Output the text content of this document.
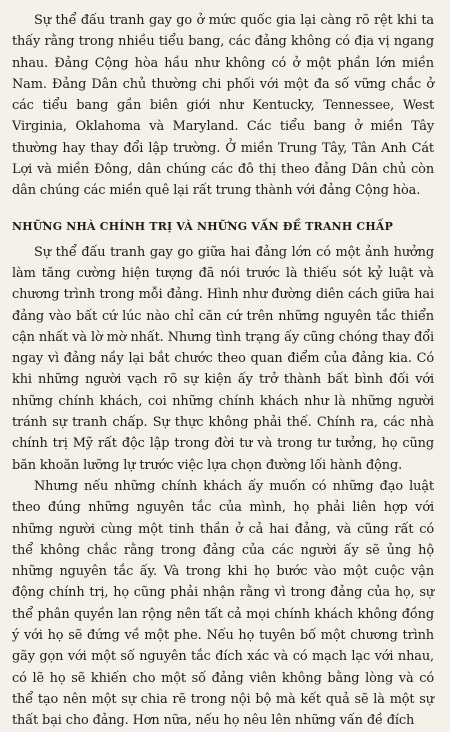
Sự thể đấu tranh gay go ở mức quốc gia lại càng rõ rệt khi ta thấy rằng trong nhiều tiểu bang, các đảng không có địa vị ngang nhau. Đảng Cộng hòa hầu như không có ở một phần lớn miền Nam. Đảng Dân chủ thường chi phối với một đa số vững chắc ở các tiểu bang gần biên giới như Kentucky, Tennessee, West Virginia, Oklahoma và Maryland. Các tiểu bang ở miền Tây thường hay thay đổi lập trường. Ở miền Trung Tây, Tân Anh Cát Lợi và miền Đông, dân chúng các đô thị theo đảng Dân chủ còn dân chúng các miền quê lại rất trung thành với đảng Cộng hòa.

NHỮNG NHÀ CHÍNH TRỊ VÀ NHỮNG VẤN ĐỀ TRANH CHẤP

Sự thể đấu tranh gay go giữa hai đảng lớn có một ảnh hưởng làm tăng cường hiện tượng đã nói trước là thiếu sót kỷ luật và chương trình trong mỗi đảng. Hình như đường diên cách giữa hai đảng vào bất cứ lúc nào chỉ căn cứ trên những nguyên tắc thiển cận nhất và lờ mờ nhất. Nhưng tình trạng ấy cũng chóng thay đổi ngay vì đảng nầy lại bắt chước theo quan điểm của đảng kia. Có khi những người vạch rõ sự kiện ấy trở thành bất bình đối với những chính khách, coi những chính khách như là những người tránh sự tranh chấp. Sự thực không phải thế. Chính ra, các nhà chính trị Mỹ rất độc lập trong đời tư và trong tư tưởng, họ cũng băn khoăn lưỡng lự trước việc lựa chọn đường lối hành động.

Nhưng nếu những chính khách ấy muốn có những đạo luật theo đúng những nguyên tắc của mình, họ phải liên hợp với những người cùng một tinh thần ở cả hai đảng, và cũng rất có thể không chắc rằng trong đảng của các người ấy sẽ ủng hộ những nguyên tắc ấy. Và trong khi họ bước vào một cuộc vận động chính trị, họ cũng phải nhận rằng vì trong đảng của họ, sự thể phân quyền lan rộng nên tất cả mọi chính khách không đồng ý với họ sẽ đứng về một phe. Nếu họ tuyên bố một chương trình gãy gọn với một số nguyên tắc đích xác và có mạch lạc với nhau, có lẽ họ sẽ khiến cho một số đảng viên không bằng lòng và có thể tạo nên một sự chia rẽ trong nội bộ mà kết quả sẽ là một sự thất bại cho đảng. Hơn nữa, nếu họ nêu lên những vấn đề đích
